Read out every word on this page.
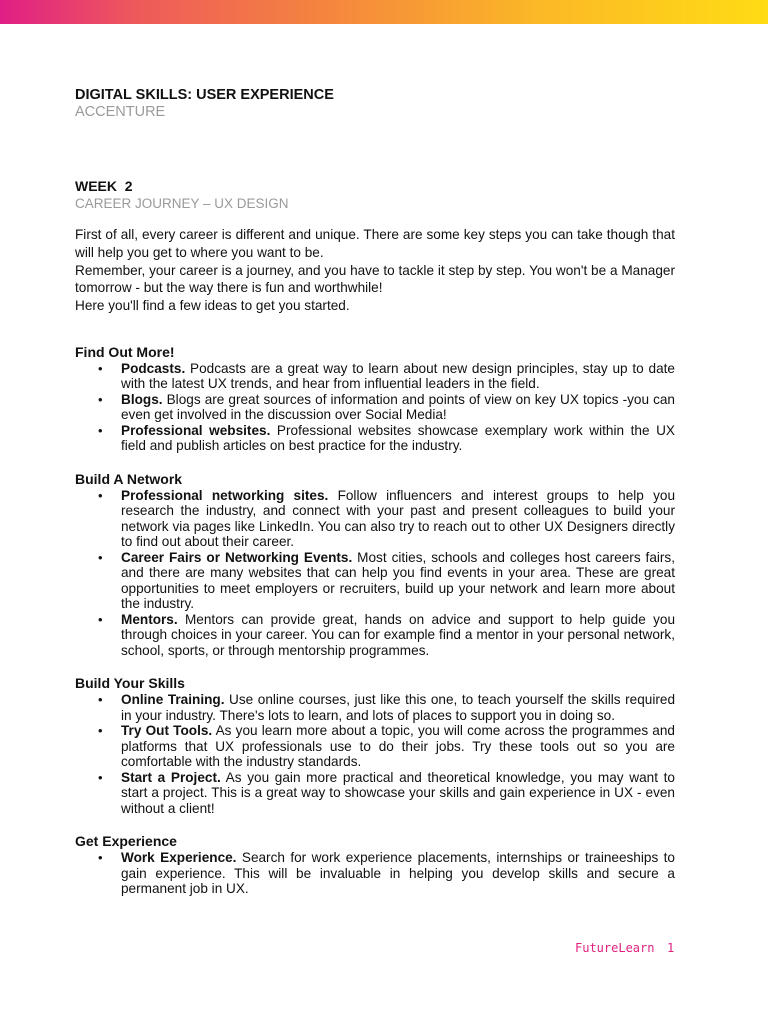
DIGITAL SKILLS: USER EXPERIENCE
ACCENTURE
WEEK  2
CAREER JOURNEY – UX DESIGN

First of all, every career is different and unique. There are some key steps you can take though that will help you get to where you want to be.

Remember, your career is a journey, and you have to tackle it step by step. You won't be a Manager tomorrow - but the way there is fun and worthwhile!

Here you'll find a few ideas to get you started.

Find Out More!
• Podcasts. Podcasts are a great way to learn about new design principles, stay up to date with the latest UX trends, and hear from influential leaders in the field.
• Blogs. Blogs are great sources of information and points of view on key UX topics -you can even get involved in the discussion over Social Media!
• Professional websites. Professional websites showcase exemplary work within the UX field and publish articles on best practice for the industry.
Build A Network
• Professional networking sites. Follow influencers and interest groups to help you research the industry, and connect with your past and present colleagues to build your network via pages like LinkedIn. You can also try to reach out to other UX Designers directly to find out about their career.
• Career Fairs or Networking Events. Most cities, schools and colleges host careers fairs, and there are many websites that can help you find events in your area. These are great opportunities to meet employers or recruiters, build up your network and learn more about the industry.
• Mentors. Mentors can provide great, hands on advice and support to help guide you through choices in your career. You can for example find a mentor in your personal network, school, sports, or through mentorship programmes.
Build Your Skills
• Online Training. Use online courses, just like this one, to teach yourself the skills required in your industry. There's lots to learn, and lots of places to support you in doing so.
• Try Out Tools. As you learn more about a topic, you will come across the programmes and platforms that UX professionals use to do their jobs. Try these tools out so you are comfortable with the industry standards.
• Start a Project. As you gain more practical and theoretical knowledge, you may want to start a project. This is a great way to showcase your skills and gain experience in UX - even without a client!
Get Experience
• Work Experience. Search for work experience placements, internships or traineeships to gain experience. This will be invaluable in helping you develop skills and secure a permanent job in UX.
FutureLearn 1
